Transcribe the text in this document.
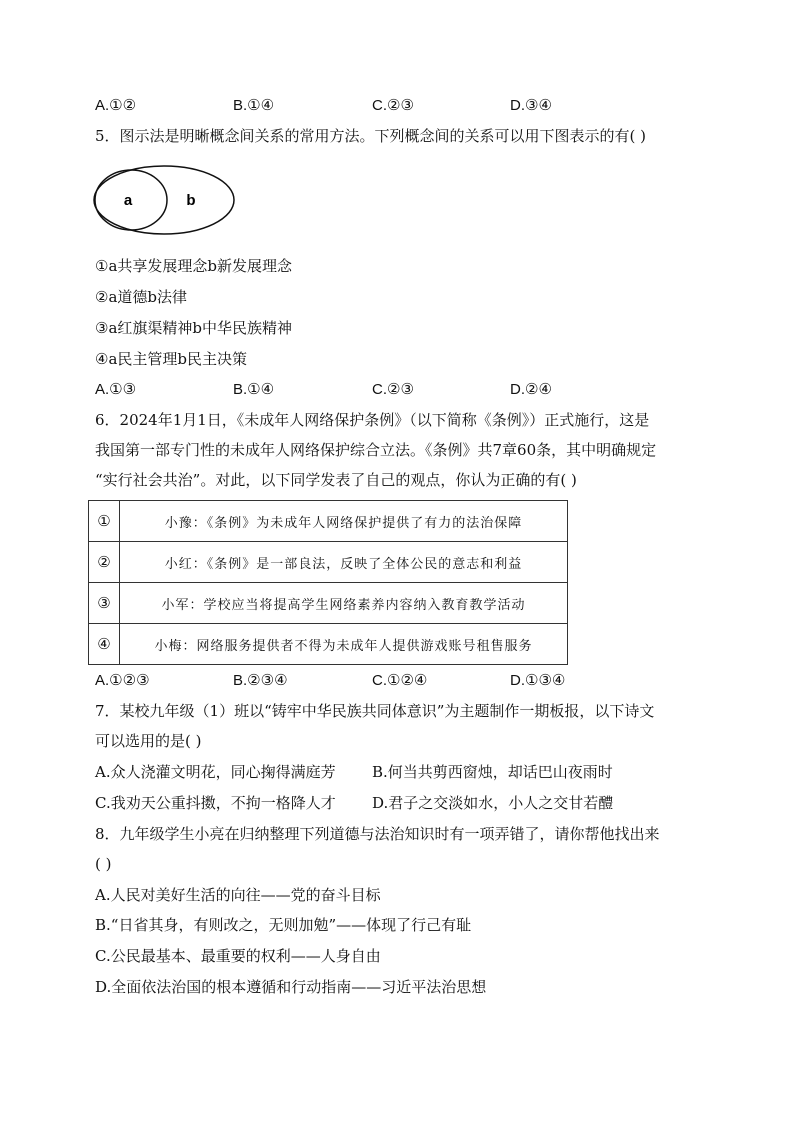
A.①②	B.①④	C.②③	D.③④
5．图示法是明晰概念间关系的常用方法。下列概念间的关系可以用下图表示的有( )
a	b
①a共享发展理念b新发展理念
②a道德b法律
③a红旗渠精神b中华民族精神
④a民主管理b民主决策
A.①③	B.①④	C.②③	D.②④
6．2024年1月1日，《未成年人网络保护条例》（以下简称《条例》）正式施行，这是
我国第一部专门性的未成年人网络保护综合立法。《条例》共7章60条，其中明确规定
“实行社会共治”。对此，以下同学发表了自己的观点，你认为正确的有( )
①	小豫：《条例》为未成年人网络保护提供了有力的法治保障
②	小红：《条例》是一部良法，反映了全体公民的意志和利益
③	小军：学校应当将提高学生网络素养内容纳入教育教学活动
④	小梅：网络服务提供者不得为未成年人提供游戏账号租售服务
A.①②③	B.②③④	C.①②④	D.①③④
7．某校九年级（1）班以“铸牢中华民族共同体意识”为主题制作一期板报，以下诗文
可以选用的是( )
A.众人浇灌文明花，同心掬得满庭芳 B.何当共剪西窗烛，却话巴山夜雨时
C.我劝天公重抖擞，不拘一格降人才 D.君子之交淡如水，小人之交甘若醴
8．九年级学生小亮在归纳整理下列道德与法治知识时有一项弄错了，请你帮他找出来
( )
A.人民对美好生活的向往——党的奋斗目标
B.“日省其身，有则改之，无则加勉”——体现了行己有耻
C.公民最基本、最重要的权利——人身自由
D.全面依法治国的根本遵循和行动指南——习近平法治思想
